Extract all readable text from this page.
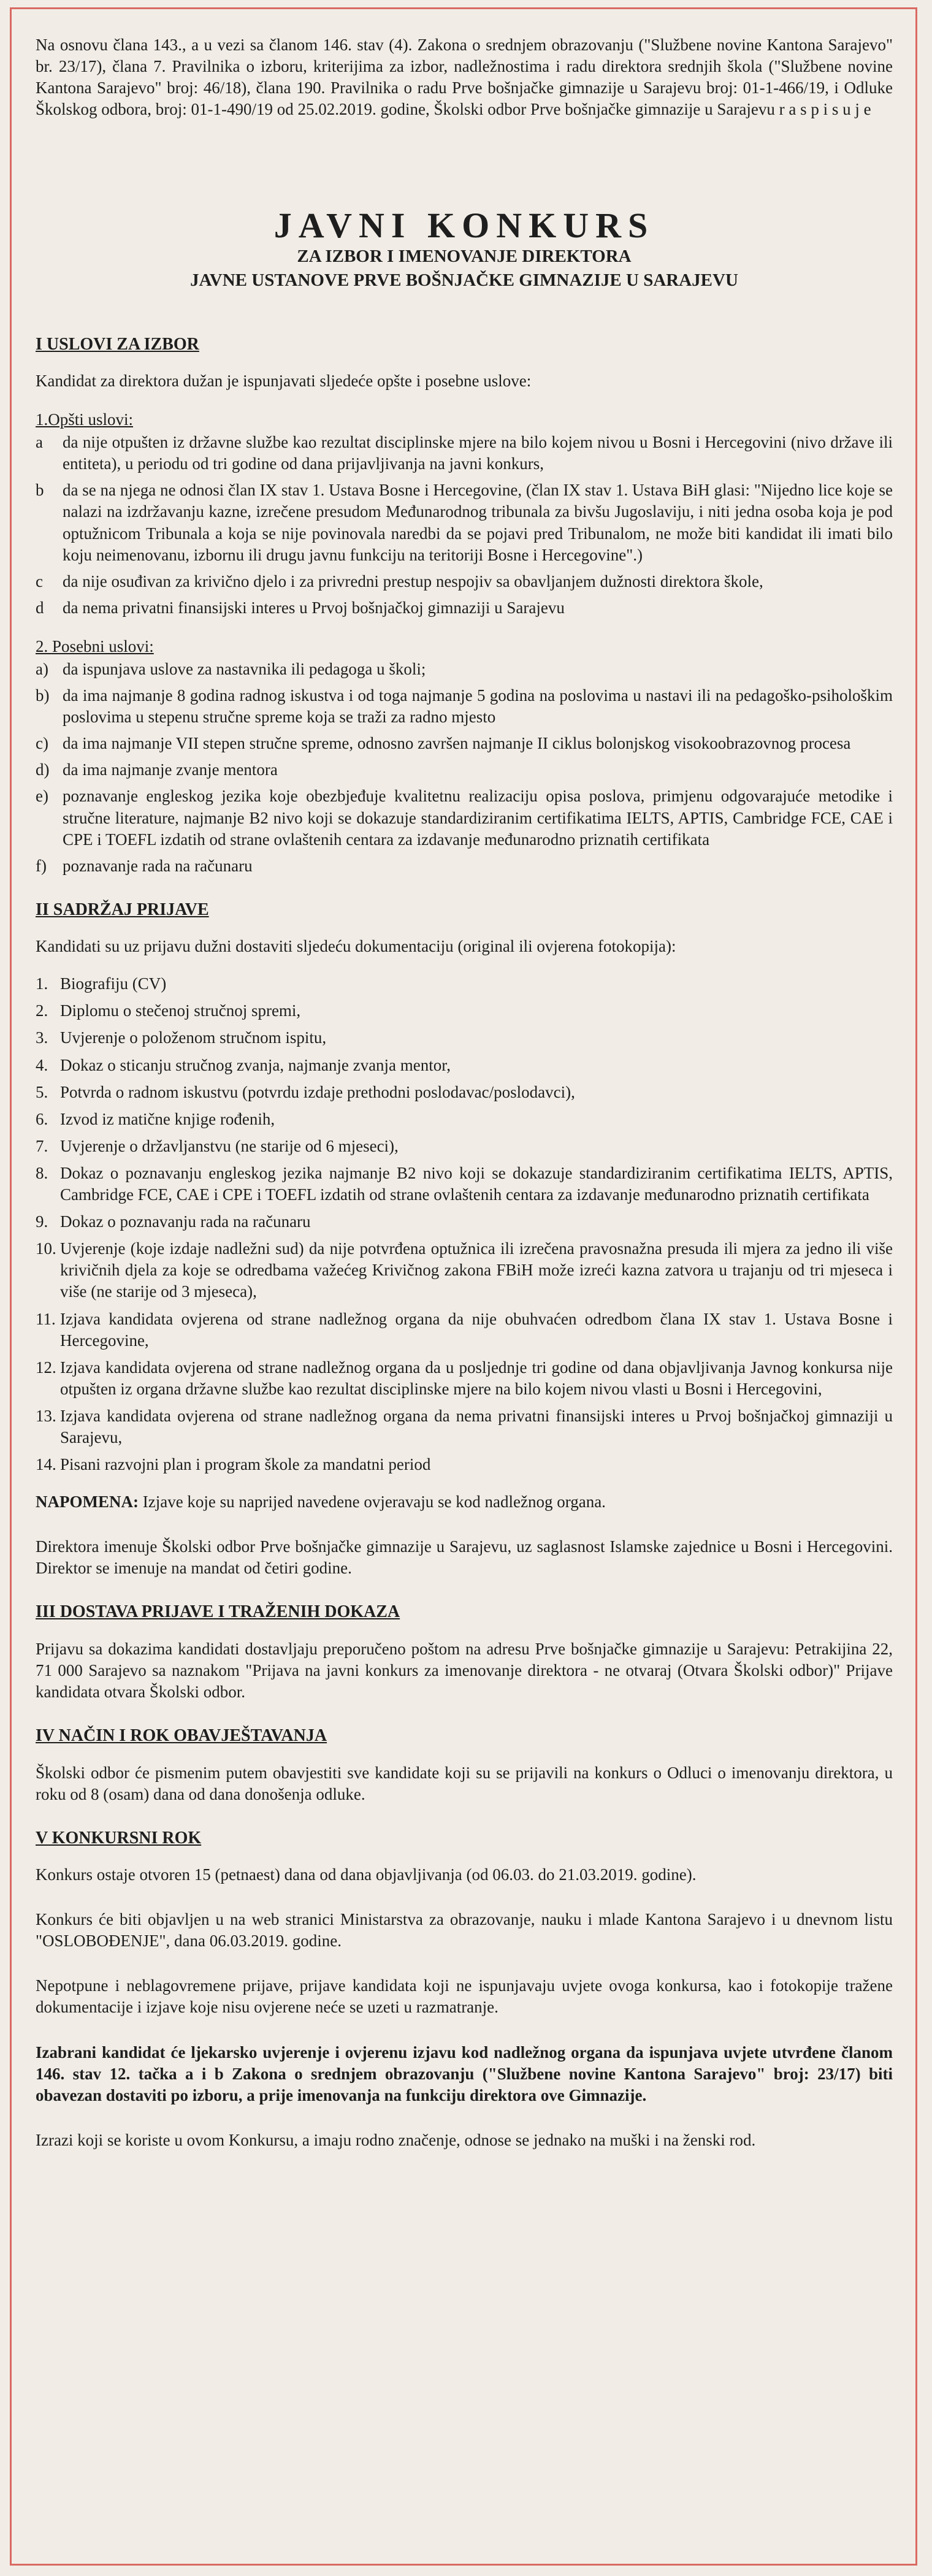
Na osnovu člana 143., a u vezi sa članom 146. stav (4). Zakona o srednjem obrazovanju ("Službene novine Kantona Sarajevo" br. 23/17), člana 7. Pravilnika o izboru, kriterijima za izbor, nadležnostima i radu direktora srednjih škola ("Službene novine Kantona Sarajevo" broj: 46/18), člana 190. Pravilnika o radu Prve bošnjačke gimnazije u Sarajevu broj: 01-1-466/19, i Odluke Školskog odbora, broj: 01-1-490/19 od 25.02.2019. godine, Školski odbor Prve bošnjačke gimnazije u Sarajevu r a s p i s u j e

JAVNI KONKURS
ZA IZBOR I IMENOVANJE DIREKTORA
JAVNE USTANOVE PRVE BOŠNJAČKE GIMNAZIJE U SARAJEVU
I USLOVI ZA IZBOR

Kandidat za direktora dužan je ispunjavati sljedeće opšte i posebne uslove:

1.Opšti uslovi:
a	da nije otpušten iz državne službe kao rezultat disciplinske mjere na bilo kojem nivou u Bosni i Hercegovini (nivo države ili entiteta), u periodu od tri godine od dana prijavljivanja na javni konkurs,
b	da se na njega ne odnosi član IX stav 1. Ustava Bosne i Hercegovine, (član IX stav 1. Ustava BiH glasi: "Nijedno lice koje se nalazi na izdržavanju kazne, izrečene presudom Međunarodnog tribunala za bivšu Jugoslaviju, i niti jedna osoba koja je pod optužnicom Tribunala a koja se nije povinovala naredbi da se pojavi pred Tribunalom, ne može biti kandidat ili imati bilo koju neimenovanu, izbornu ili drugu javnu funkciju na teritoriji Bosne i Hercegovine".)
c	da nije osuđivan za krivično djelo i za privredni prestup nespojiv sa obavljanjem dužnosti direktora škole,
d	da nema privatni finansijski interes u Prvoj bošnjačkoj gimnaziji u Sarajevu
2. Posebni uslovi:
a) da ispunjava uslove za nastavnika ili pedagoga u školi;
b) da ima najmanje 8 godina radnog iskustva i od toga najmanje 5 godina na poslovima u nastavi ili na pedagoško-psihološkim poslovima u stepenu stručne spreme koja se traži za radno mjesto
c) da ima najmanje VII stepen stručne spreme, odnosno završen najmanje II ciklus bolonjskog visokoobrazovnog procesa
d) da ima najmanje zvanje mentora
e) poznavanje engleskog jezika koje obezbjeđuje kvalitetnu realizaciju opisa poslova, primjenu odgovarajuće metodike i stručne literature, najmanje B2 nivo koji se dokazuje standardiziranim certifikatima IELTS, APTIS, Cambridge FCE, CAE i CPE i TOEFL izdatih od strane ovlaštenih centara za izdavanje međunarodno priznatih certifikata
f) poznavanje rada na računaru
II SADRŽAJ PRIJAVE

Kandidati su uz prijavu dužni dostaviti sljedeću dokumentaciju (original ili ovjerena fotokopija):

1. Biografiju (CV)
2. Diplomu o stečenoj stručnoj spremi,
3. Uvjerenje o položenom stručnom ispitu,
4. Dokaz o sticanju stručnog zvanja, najmanje zvanja mentor,
5. Potvrda o radnom iskustvu (potvrdu izdaje prethodni poslodavac/poslodavci),
6. Izvod iz matične knjige rođenih,
7. Uvjerenje o državljanstvu (ne starije od 6 mjeseci),
8. Dokaz o poznavanju engleskog jezika najmanje B2 nivo koji se dokazuje standardiziranim certifikatima IELTS, APTIS, Cambridge FCE, CAE i CPE i TOEFL izdatih od strane ovlaštenih centara za izdavanje međunarodno priznatih certifikata
9. Dokaz o poznavanju rada na računaru
10. Uvjerenje (koje izdaje nadležni sud) da nije potvrđena optužnica ili izrečena pravosnažna presuda ili mjera za jedno ili više krivičnih djela za koje se odredbama važećeg Krivičnog zakona FBiH može izreći kazna zatvora u trajanju od tri mjeseca i više (ne starije od 3 mjeseca),
11. Izjava kandidata ovjerena od strane nadležnog organa da nije obuhvaćen odredbom člana IX stav 1. Ustava Bosne i Hercegovine,
12. Izjava kandidata ovjerena od strane nadležnog organa da u posljednje tri godine od dana objavljivanja Javnog konkursa nije otpušten iz organa državne službe kao rezultat disciplinske mjere na bilo kojem nivou vlasti u Bosni i Hercegovini,
13. Izjava kandidata ovjerena od strane nadležnog organa da nema privatni finansijski interes u Prvoj bošnjačkoj gimnaziji u Sarajevu,
14. Pisani razvojni plan i program škole za mandatni period

NAPOMENA: Izjave koje su naprijed navedene ovjeravaju se kod nadležnog organa.

Direktora imenuje Školski odbor Prve bošnjačke gimnazije u Sarajevu, uz saglasnost Islamske zajednice u Bosni i Hercegovini. Direktor se imenuje na mandat od četiri godine.

III DOSTAVA PRIJAVE I TRAŽENIH DOKAZA

Prijavu sa dokazima kandidati dostavljaju preporučeno poštom na adresu Prve bošnjačke gimnazije u Sarajevu: Petrakijina 22, 71 000 Sarajevo sa naznakom "Prijava na javni konkurs za imenovanje direktora - ne otvaraj (Otvara Školski odbor)" Prijave kandidata otvara Školski odbor.

IV NAČIN I ROK OBAVJEŠTAVANJA

Školski odbor će pismenim putem obavjestiti sve kandidate koji su se prijavili na konkurs o Odluci o imenovanju direktora, u roku od 8 (osam) dana od dana donošenja odluke.

V KONKURSNI ROK

Konkurs ostaje otvoren 15 (petnaest) dana od dana objavljivanja (od 06.03. do 21.03.2019. godine).

Konkurs će biti objavljen u na web stranici Ministarstva za obrazovanje, nauku i mlade Kantona Sarajevo i u dnevnom listu "OSLOBOĐENJE", dana 06.03.2019. godine.

Nepotpune i neblagovremene prijave, prijave kandidata koji ne ispunjavaju uvjete ovoga konkursa, kao i fotokopije tražene dokumentacije i izjave koje nisu ovjerene neće se uzeti u razmatranje.

Izabrani kandidat će ljekarsko uvjerenje i ovjerenu izjavu kod nadležnog organa da ispunjava uvjete utvrđene članom 146. stav 12. tačka a i b Zakona o srednjem obrazovanju ("Službene novine Kantona Sarajevo" broj: 23/17) biti obavezan dostaviti po izboru, a prije imenovanja na funkciju direktora ove Gimnazije.

Izrazi koji se koriste u ovom Konkursu, a imaju rodno značenje, odnose se jednako na muški i na ženski rod.
